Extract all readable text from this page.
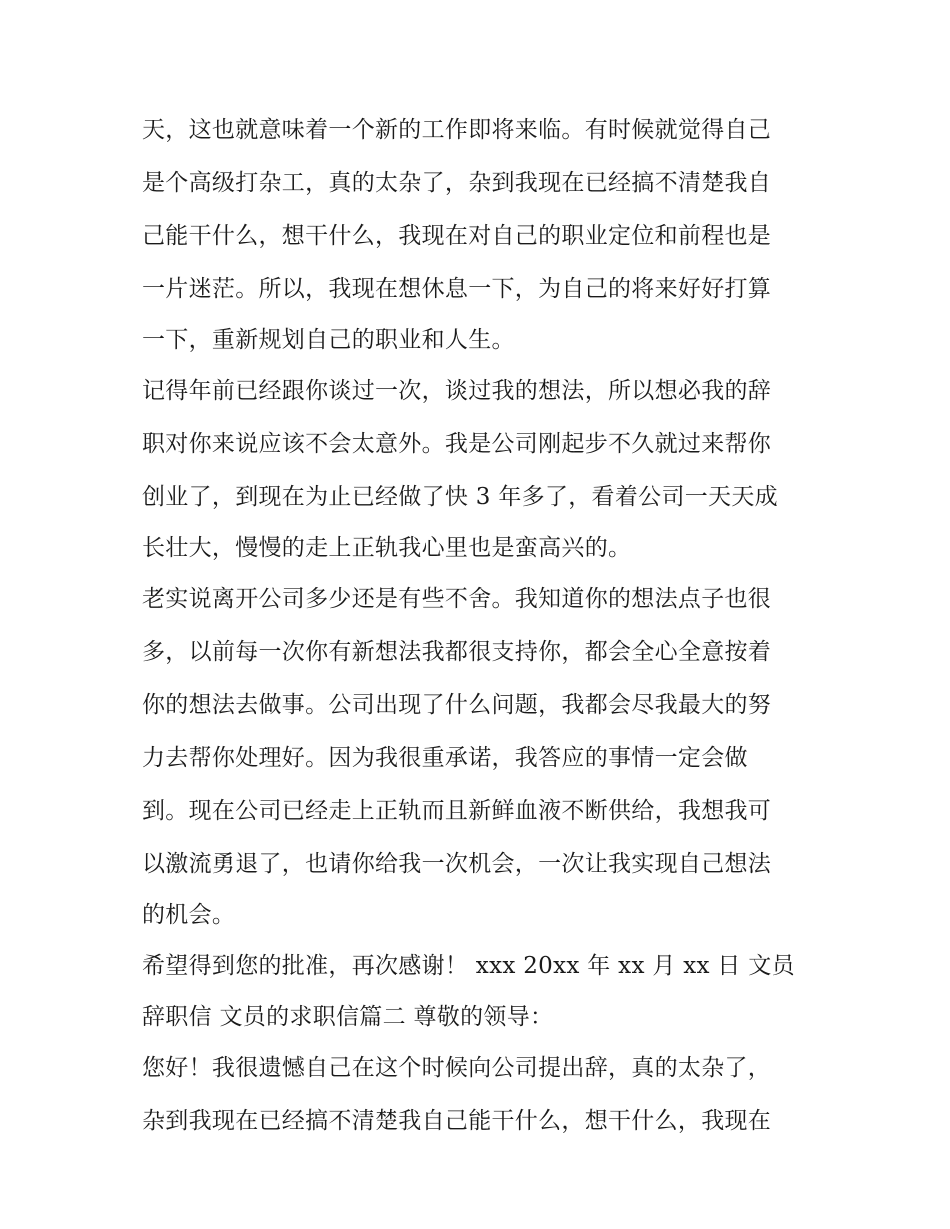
天，这也就意味着一个新的工作即将来临。有时候就觉得自己
是个高级打杂工，真的太杂了，杂到我现在已经搞不清楚我自
己能干什么，想干什么，我现在对自己的职业定位和前程也是
一片迷茫。所以，我现在想休息一下，为自己的将来好好打算
一下，重新规划自己的职业和人生。
记得年前已经跟你谈过一次，谈过我的想法，所以想必我的辞
职对你来说应该不会太意外。我是公司刚起步不久就过来帮你
创业了，到现在为止已经做了快 3 年多了，看着公司一天天成
长壮大，慢慢的走上正轨我心里也是蛮高兴的。
老实说离开公司多少还是有些不舍。我知道你的想法点子也很
多，以前每一次你有新想法我都很支持你，都会全心全意按着
你的想法去做事。公司出现了什么问题，我都会尽我最大的努
力去帮你处理好。因为我很重承诺，我答应的事情一定会做
到。现在公司已经走上正轨而且新鲜血液不断供给，我想我可
以激流勇退了，也请你给我一次机会，一次让我实现自己想法
的机会。
希望得到您的批准，再次感谢！ xxx 20xx 年 xx 月 xx 日 文员
辞职信 文员的求职信篇二 尊敬的领导：
您好！我很遗憾自己在这个时候向公司提出辞，真的太杂了，
杂到我现在已经搞不清楚我自己能干什么，想干什么，我现在
